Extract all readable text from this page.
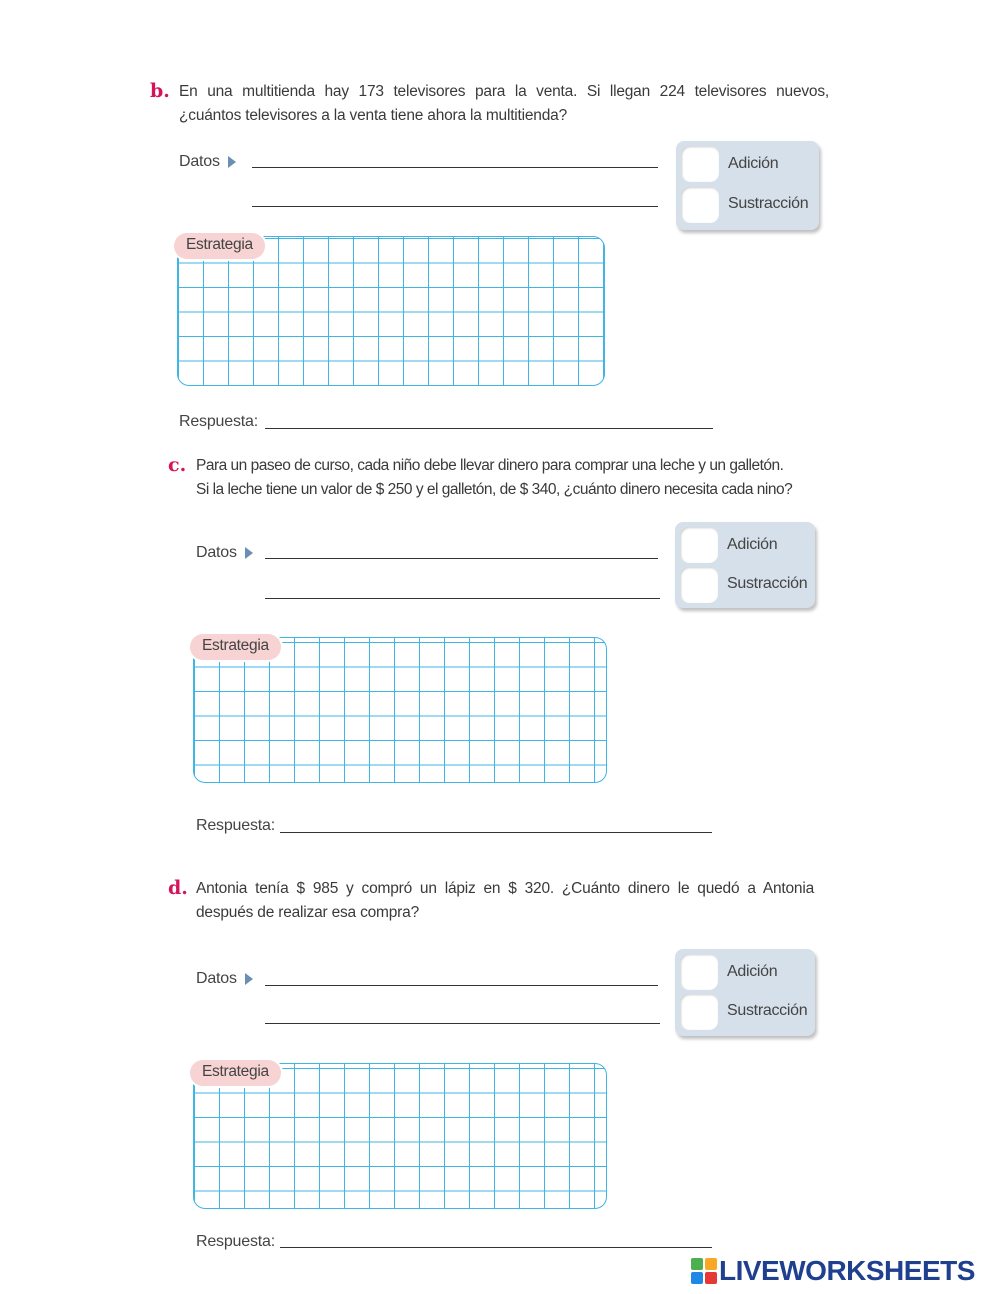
b. En una multitienda hay 173 televisores para la venta. Si llegan 224 televisores nuevos,
¿cuántos televisores a la venta tiene ahora la multitienda?
Datos	Adición
Sustracción
Estrategia
Respuesta:
c. Para un paseo de curso, cada niño debe llevar dinero para comprar una leche y un galletón.
Si la leche tiene un valor de $ 250 y el galletón, de $ 340, ¿cuánto dinero necesita cada nino?
Datos	Adición
Sustracción
Estrategia
Respuesta:
d. Antonia tenía $ 985 y compró un lápiz en $ 320. ¿Cuánto dinero le quedó a Antonia
después de realizar esa compra?
Datos	Adición
Sustracción
Estrategia
Respuesta:
LIVEWORKSHEETS
